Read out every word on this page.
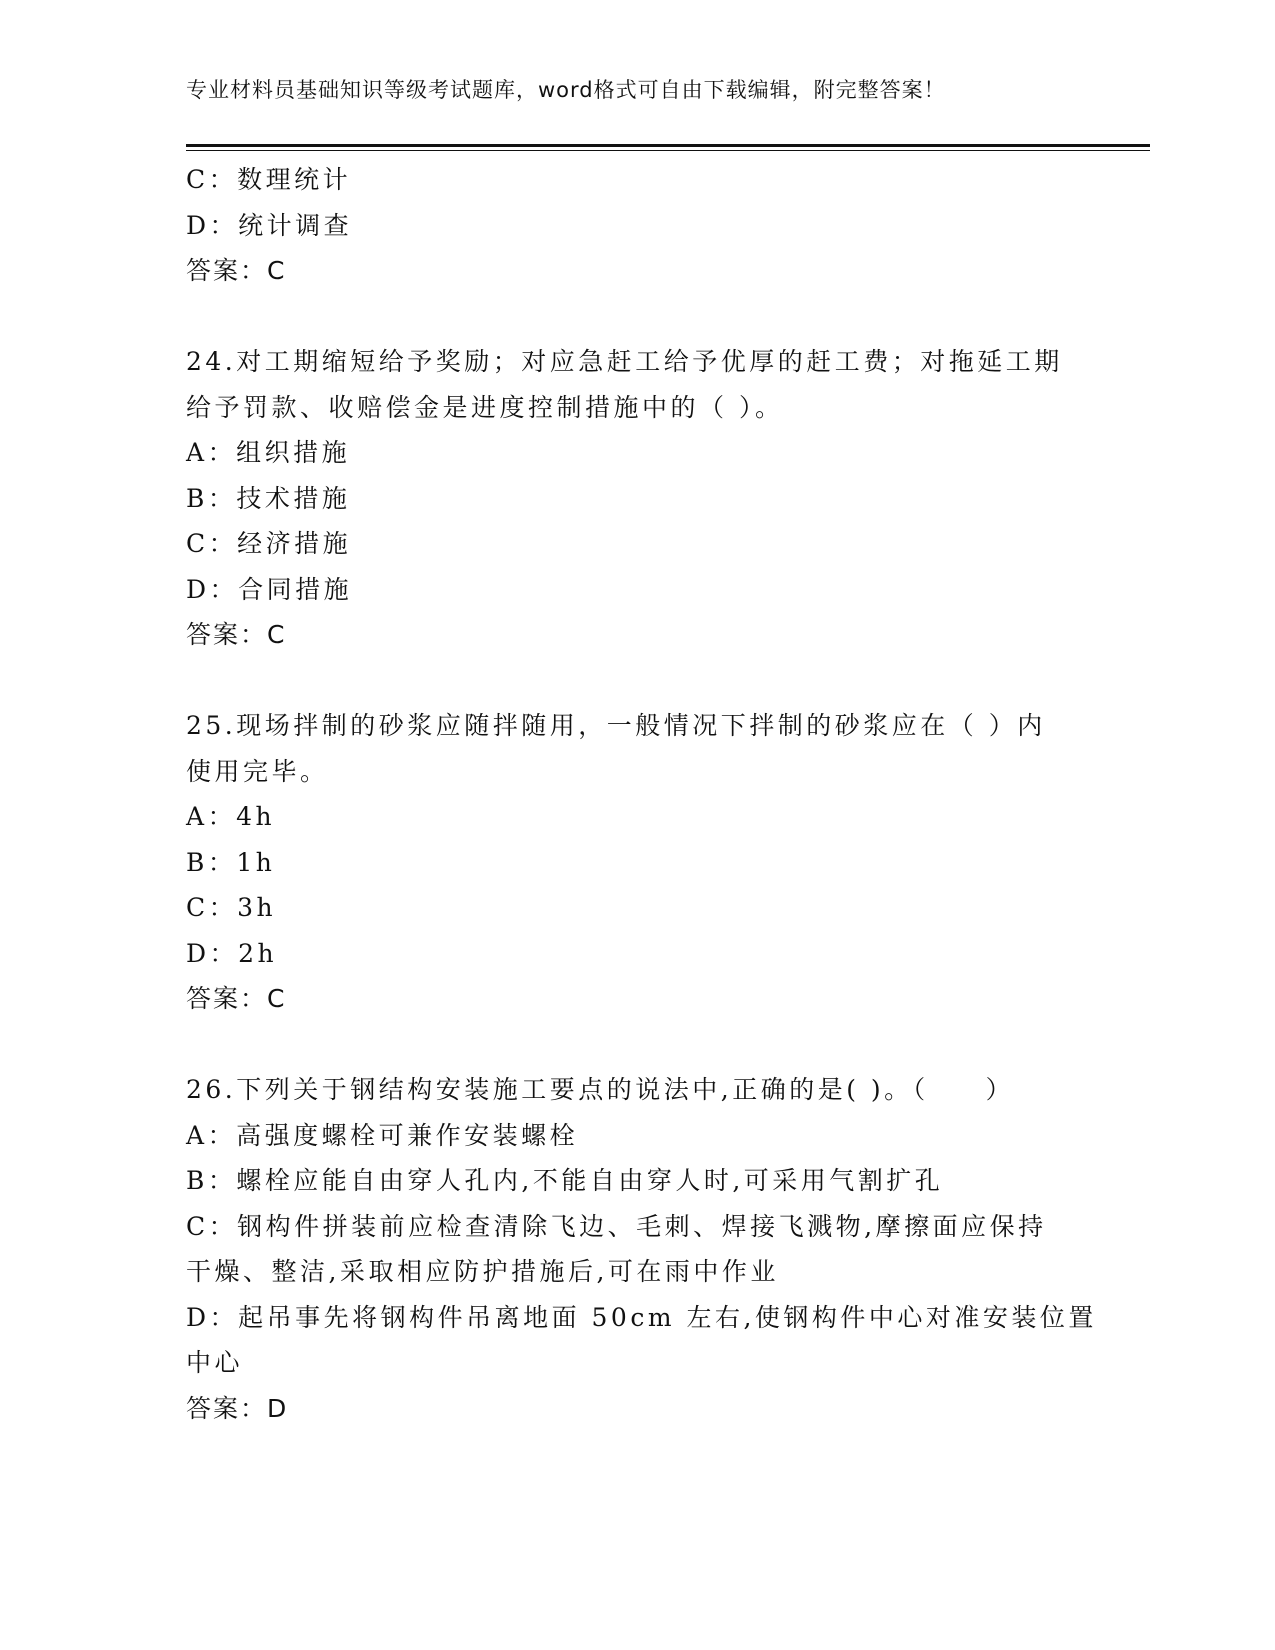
专业材料员基础知识等级考试题库，word格式可自由下载编辑，附完整答案！
C：数理统计
D：统计调查
答案：C
24.对工期缩短给予奖励；对应急赶工给予优厚的赶工费；对拖延工期
给予罚款、收赔偿金是进度控制措施中的（ ）。
A：组织措施
B：技术措施
C：经济措施
D：合同措施
答案：C
25.现场拌制的砂浆应随拌随用，一般情况下拌制的砂浆应在（ ）内
使用完毕。
A：4h
B：1h
C：3h
D：2h
答案：C
26.下列关于钢结构安装施工要点的说法中,正确的是( )。（　　）
A：高强度螺栓可兼作安装螺栓
B：螺栓应能自由穿人孔内,不能自由穿人时,可采用气割扩孔
C：钢构件拼装前应检查清除飞边、毛刺、焊接飞溅物,摩擦面应保持
干燥、整洁,采取相应防护措施后,可在雨中作业
D：起吊事先将钢构件吊离地面 50cm 左右,使钢构件中心对准安装位置
中心
答案：D
